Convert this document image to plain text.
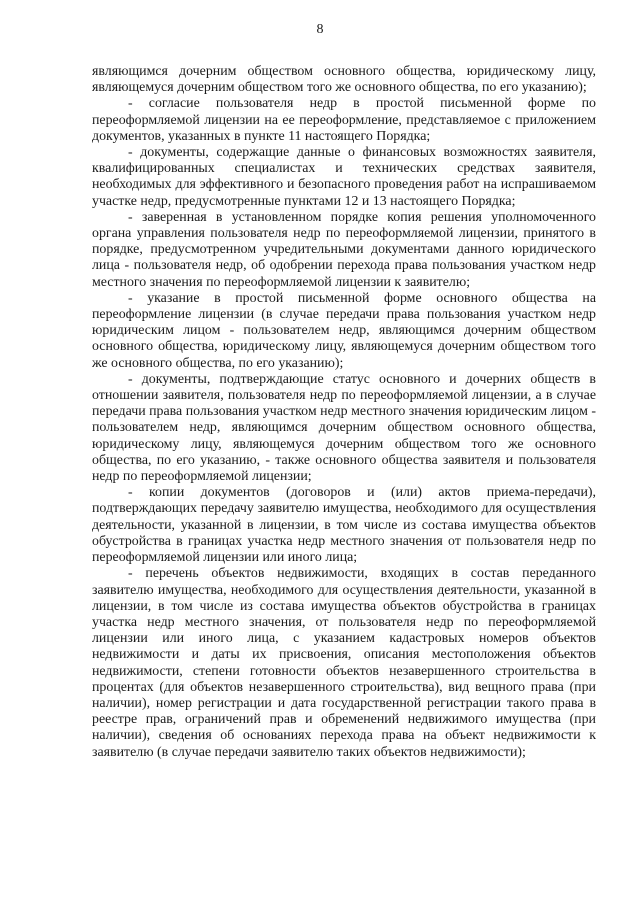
8

являющимся дочерним обществом основного общества, юридическому лицу, являющемуся дочерним обществом того же основного общества, по его указанию);

- согласие пользователя недр в простой письменной форме по переоформляемой лицензии на ее переоформление, представляемое с приложением документов, указанных в пункте 11 настоящего Порядка;

- документы, содержащие данные о финансовых возможностях заявителя, квалифицированных специалистах и технических средствах заявителя, необходимых для эффективного и безопасного проведения работ на испрашиваемом участке недр, предусмотренные пунктами 12 и 13 настоящего Порядка;

- заверенная в установленном порядке копия решения уполномоченного органа управления пользователя недр по переоформляемой лицензии, принятого в порядке, предусмотренном учредительными документами данного юридического лица - пользователя недр, об одобрении перехода права пользования участком недр местного значения по переоформляемой лицензии к заявителю;

- указание в простой письменной форме основного общества на переоформление лицензии (в случае передачи права пользования участком недр юридическим лицом - пользователем недр, являющимся дочерним обществом основного общества, юридическому лицу, являющемуся дочерним обществом того же основного общества, по его указанию);

- документы, подтверждающие статус основного и дочерних обществ в отношении заявителя, пользователя недр по переоформляемой лицензии, а в случае передачи права пользования участком недр местного значения юридическим лицом - пользователем недр, являющимся дочерним обществом основного общества, юридическому лицу, являющемуся дочерним обществом того же основного общества, по его указанию, - также основного общества заявителя и пользователя недр по переоформляемой лицензии;

- копии документов (договоров и (или) актов приема-передачи), подтверждающих передачу заявителю имущества, необходимого для осуществления деятельности, указанной в лицензии, в том числе из состава имущества объектов обустройства в границах участка недр местного значения от пользователя недр по переоформляемой лицензии или иного лица;

- перечень объектов недвижимости, входящих в состав переданного заявителю имущества, необходимого для осуществления деятельности, указанной в лицензии, в том числе из состава имущества объектов обустройства в границах участка недр местного значения, от пользователя недр по переоформляемой лицензии или иного лица, с указанием кадастровых номеров объектов недвижимости и даты их присвоения, описания местоположения объектов недвижимости, степени готовности объектов незавершенного строительства в процентах (для объектов незавершенного строительства), вид вещного права (при наличии), номер регистрации и дата государственной регистрации такого права в реестре прав, ограничений прав и обременений недвижимого имущества (при наличии), сведения об основаниях перехода права на объект недвижимости к заявителю (в случае передачи заявителю таких объектов недвижимости);
